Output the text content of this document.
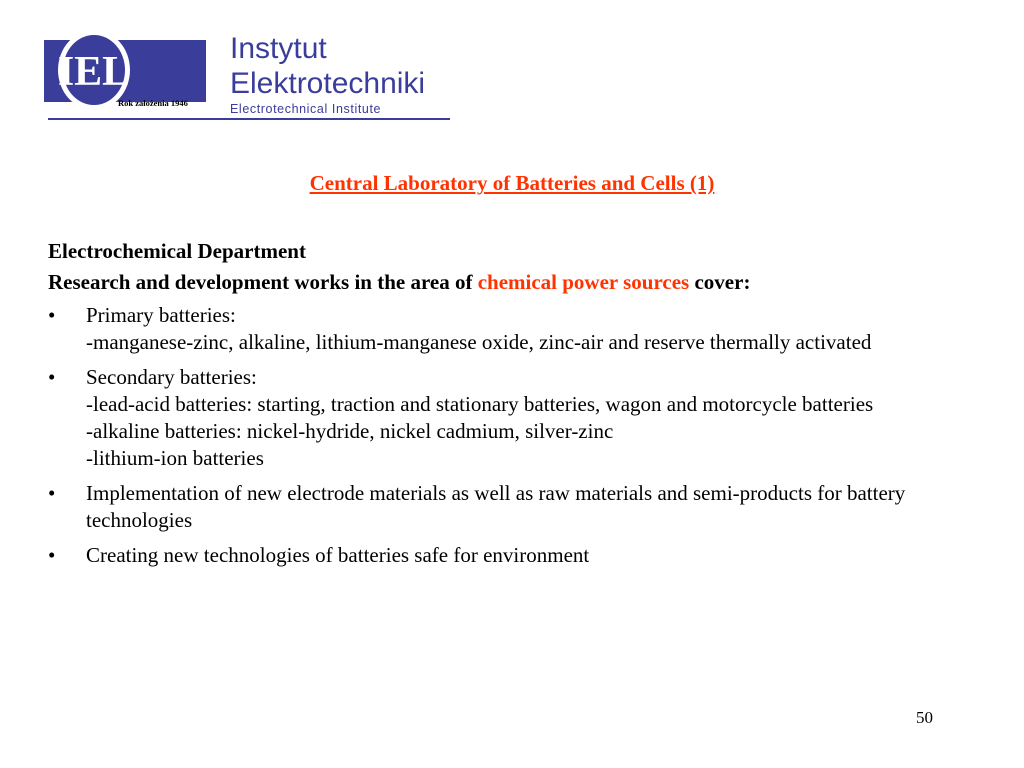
IEL
Rok założenia 1946
Instytut
Elektrotechniki
Electrotechnical Institute
Central Laboratory of Batteries and Cells (1)
Electrochemical Department
Research and development works in the area of chemical power sources cover:
• Primary batteries:
-manganese-zinc, alkaline, lithium-manganese oxide, zinc-air and reserve thermally activated
• Secondary batteries:
-lead-acid batteries: starting, traction and stationary batteries, wagon and motorcycle batteries
-alkaline batteries: nickel-hydride, nickel cadmium, silver-zinc
-lithium-ion batteries
• Implementation of new electrode materials as well as raw materials and semi-products for battery technologies
• Creating new technologies of batteries safe for environment
50
